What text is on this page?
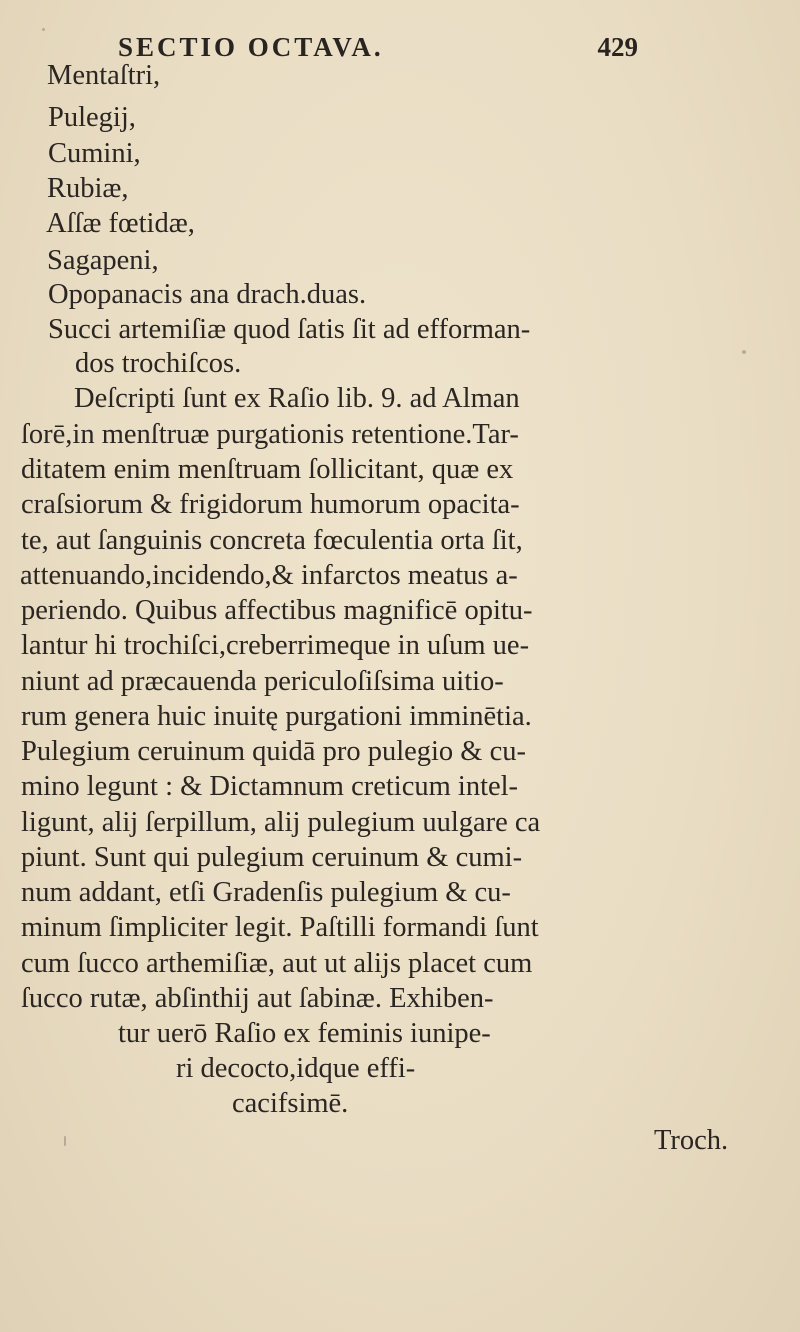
SECTIO OCTAVA.	429
Mentaſtri,
Pulegij,
Cumini,
Rubiæ,
Aſſæ fœtidæ,
Sagapeni,
Opopanacis ana drach.duas.
Succi artemiſiæ quod ſatis ſit ad efforman-
dos trochiſcos.
Deſcripti ſunt ex Raſio lib. 9. ad Alman
ſorē,in menſtruæ purgationis retentione.Tar-
ditatem enim menſtruam ſollicitant, quæ ex
craſsiorum & frigidorum humorum opacita-
te, aut ſanguinis concreta fœculentia orta ſit,
attenuando,incidendo,& infarctos meatus a-
periendo. Quibus affectibus magnificē opitu-
lantur hi trochiſci,creberrimeque in uſum ue-
niunt ad præcauenda periculoſiſsima uitio-
rum genera huic inuitę purgationi imminētia.
Pulegium ceruinum quidā pro pulegio & cu-
mino legunt : & Dictamnum creticum intel-
ligunt, alij ſerpillum, alij pulegium uulgare ca
piunt. Sunt qui pulegium ceruinum & cumi-
num addant, etſi Gradenſis pulegium & cu-
minum ſimpliciter legit. Paſtilli formandi ſunt
cum ſucco arthemiſiæ, aut ut alijs placet cum
ſucco rutæ, abſinthij aut ſabinæ. Exhiben-
tur uerō Raſio ex feminis iunipe-
ri decocto,idque effi-
cacifsimē.
Troch.
